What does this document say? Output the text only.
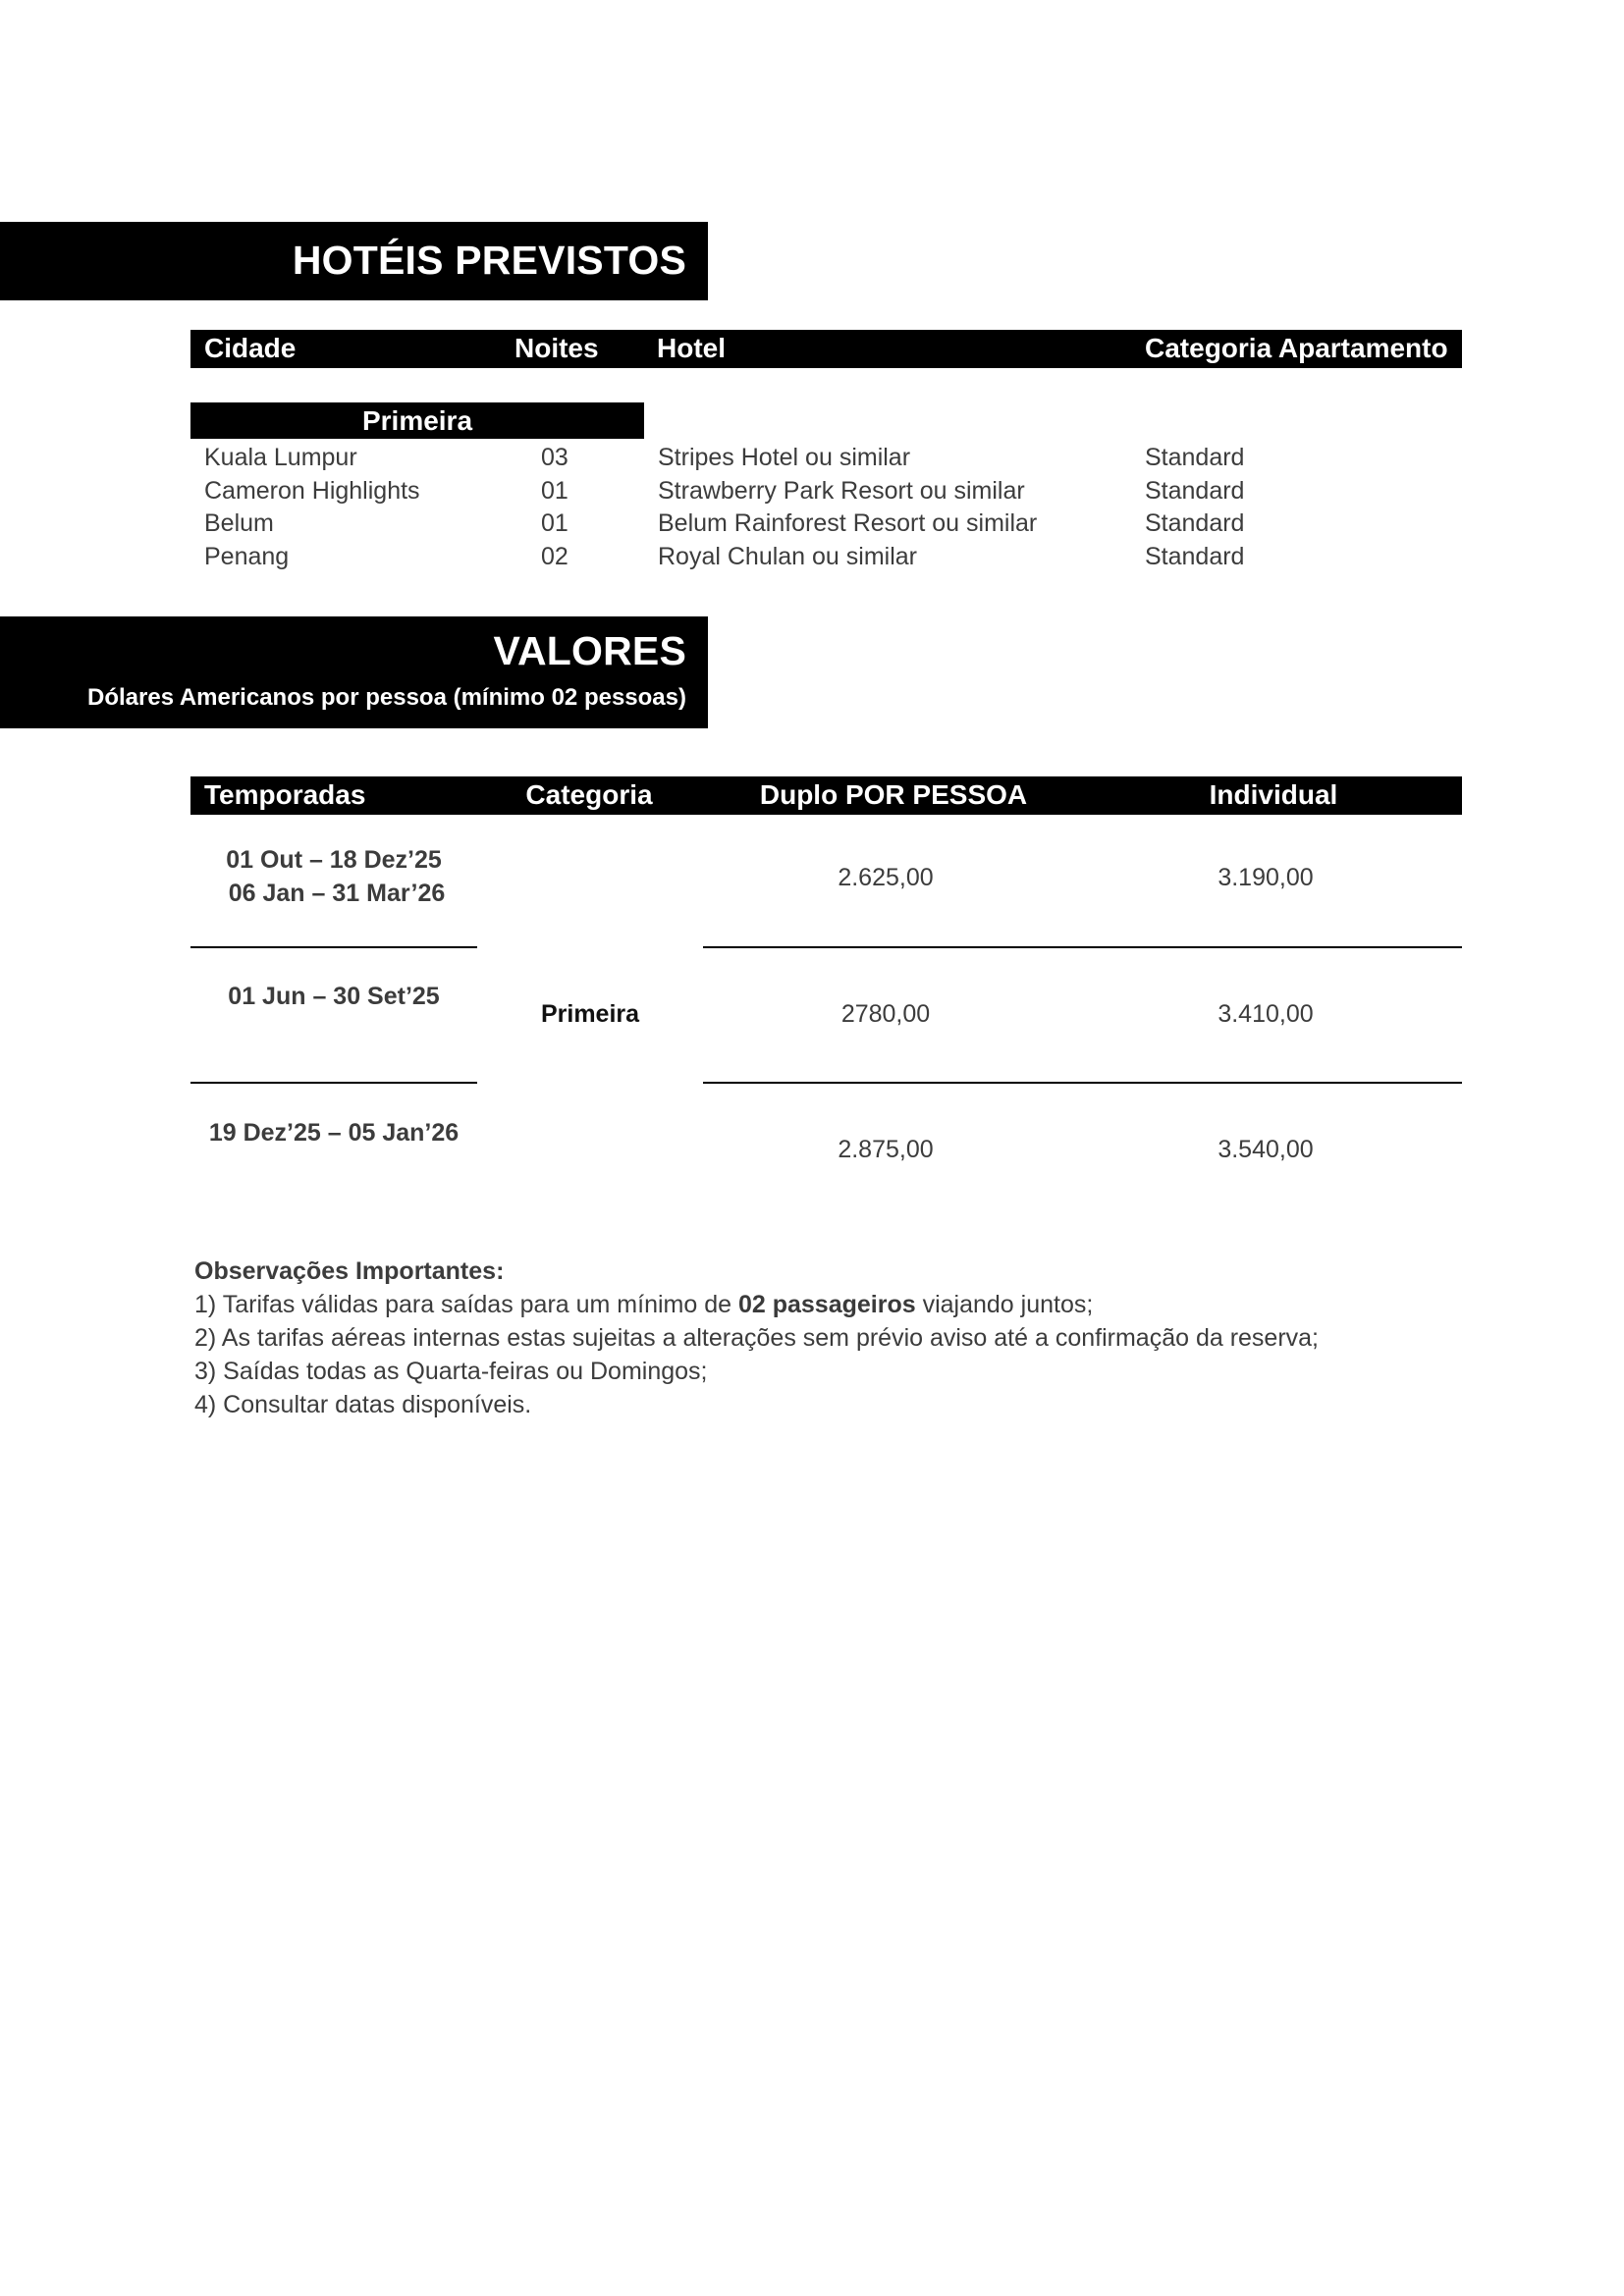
HOTÉIS PREVISTOS
Cidade	Noites Hotel	Categoria Apartamento
Primeira
Kuala Lumpur	03	Stripes Hotel ou similar	Standard
Cameron Highlights	01	Strawberry Park Resort ou similar	Standard
Belum	01	Belum Rainforest Resort ou similar	Standard
Penang	02	Royal Chulan ou similar	Standard
VALORES
Dólares Americanos por pessoa (mínimo 02 pessoas)
Temporadas	Categoria	Duplo POR PESSOA	Individual
01 Out – 18 Dez’25
06 Jan – 31 Mar’26
2.625,00	3.190,00
01 Jun – 30 Set’25
Primeira	2780,00	3.410,00
19 Dez’25 – 05 Jan’26
2.875,00	3.540,00
Observações Importantes:
1) Tarifas válidas para saídas para um mínimo de 02 passageiros viajando juntos;
2) As tarifas aéreas internas estas sujeitas a alterações sem prévio aviso até a confirmação da reserva;
3) Saídas todas as Quarta-feiras ou Domingos;
4) Consultar datas disponíveis.
